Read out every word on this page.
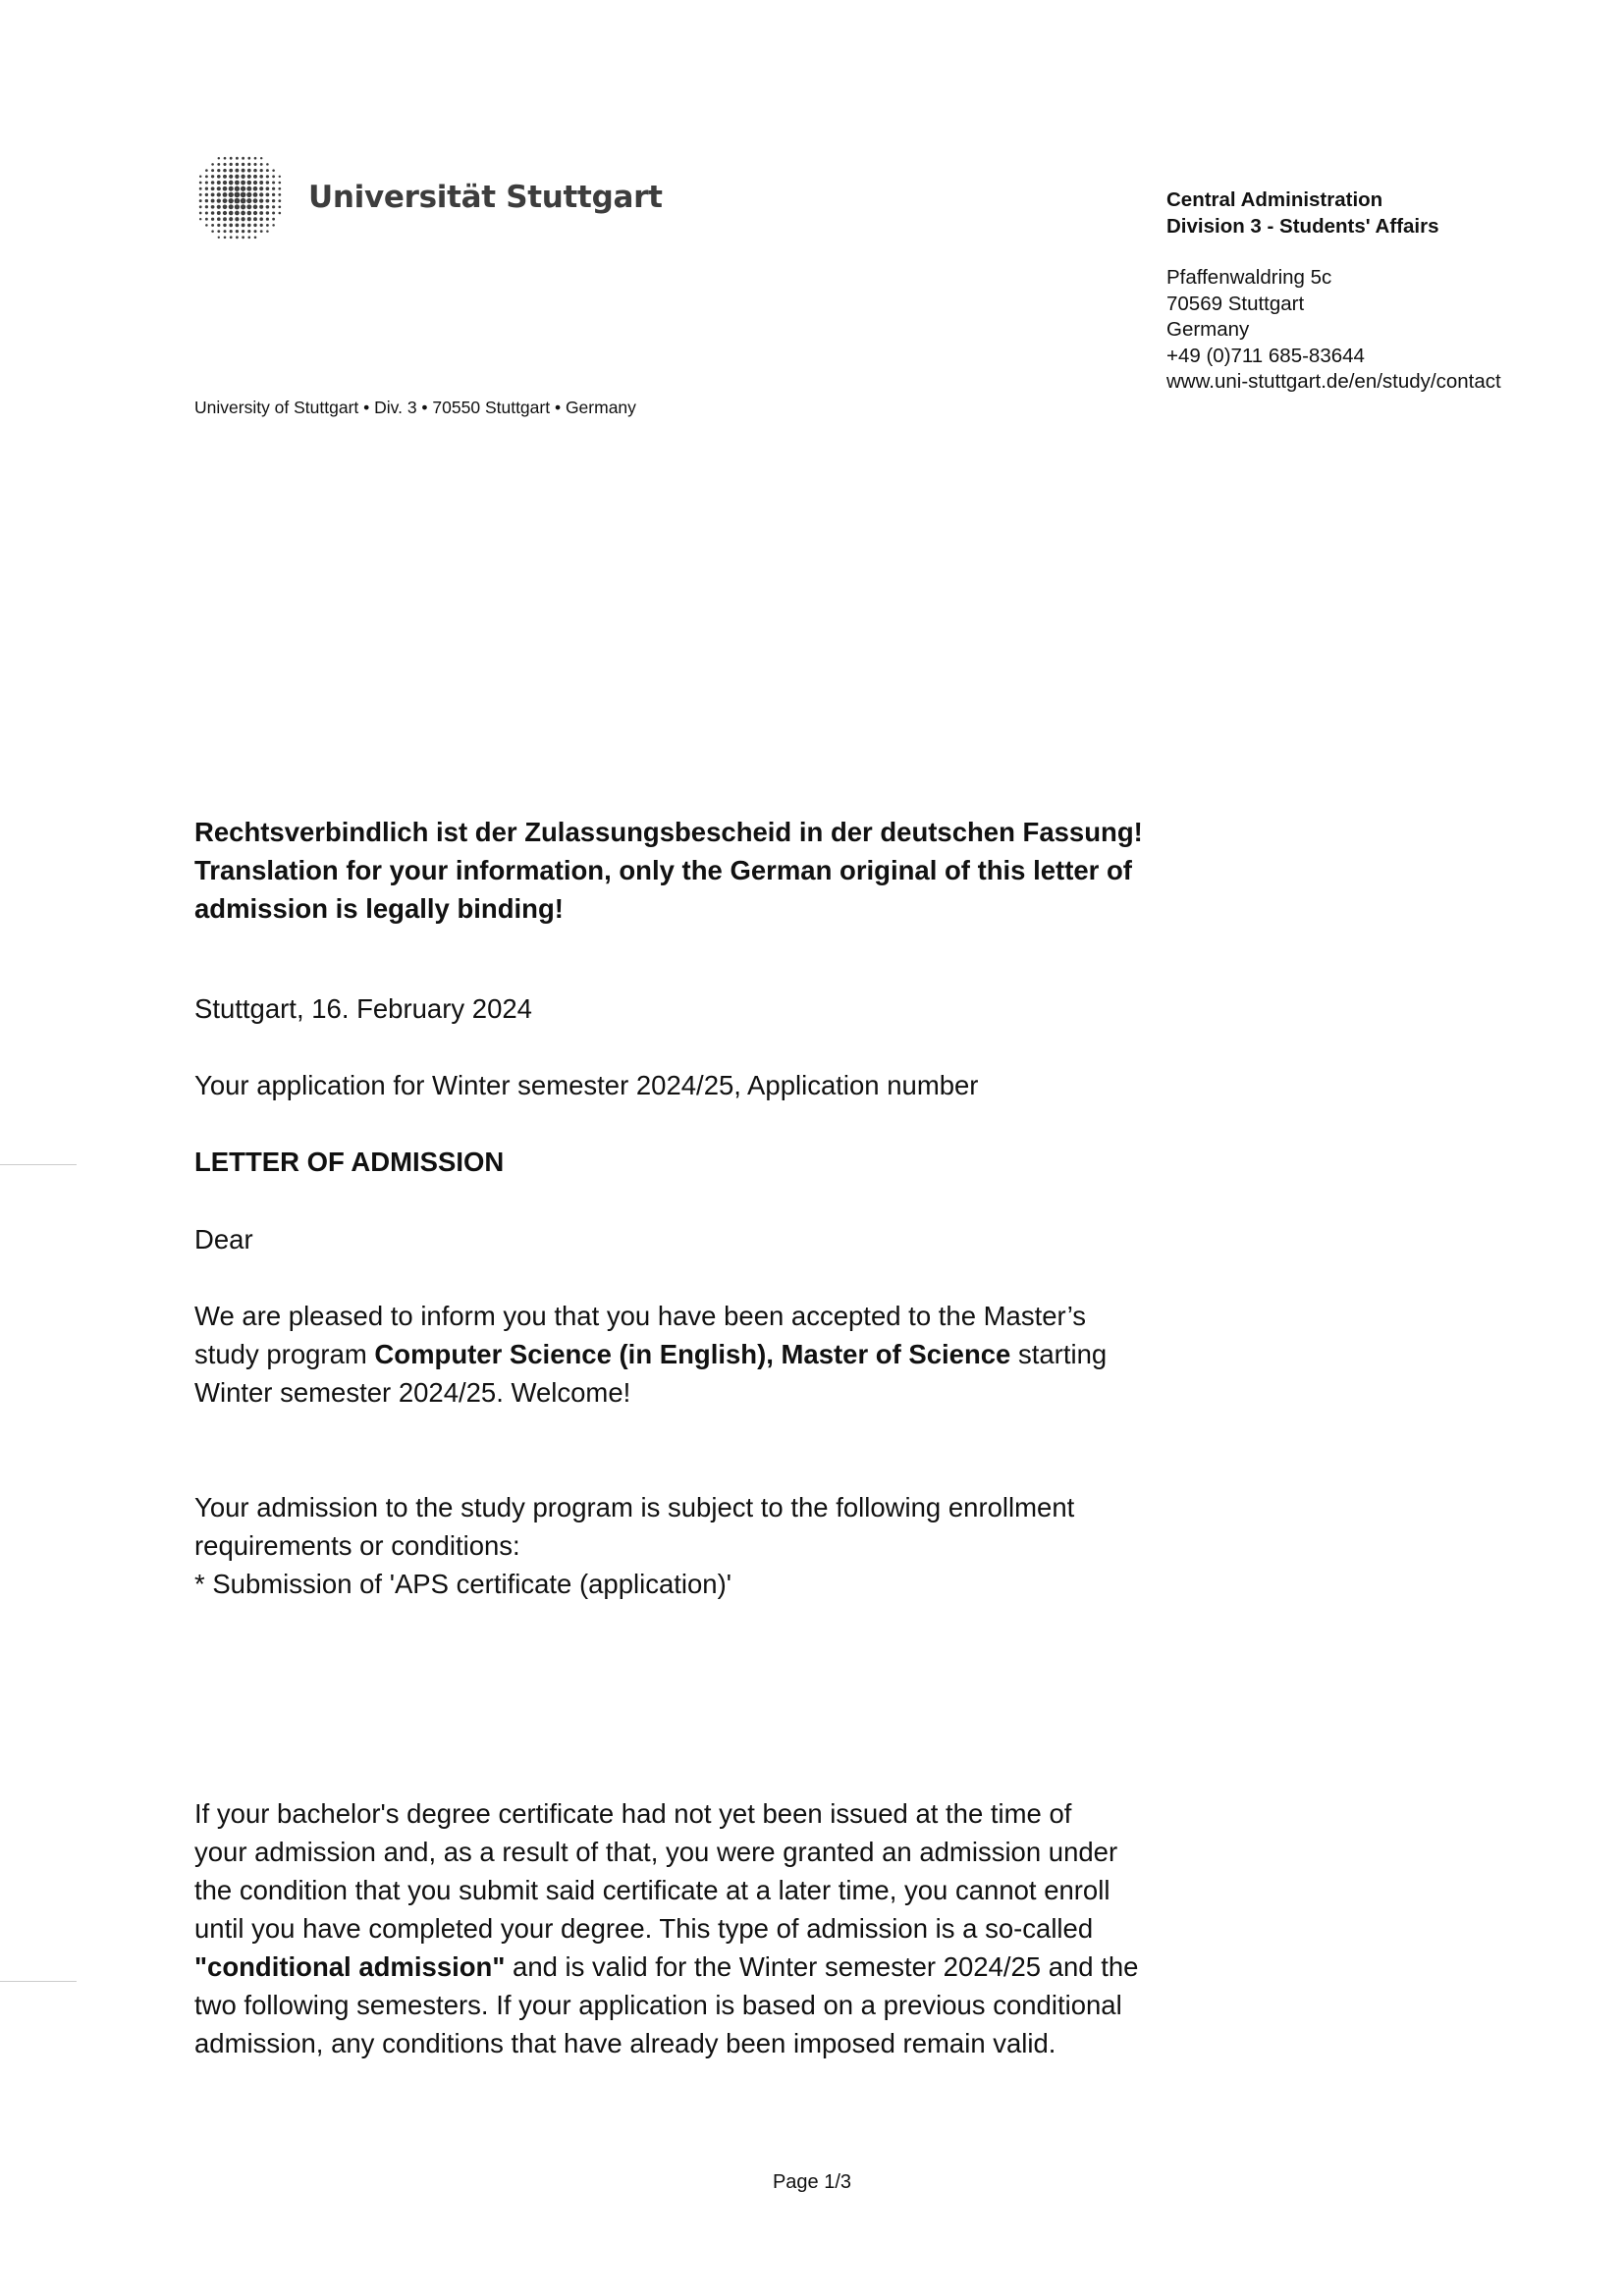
Universität Stuttgart	Central Administration
Division 3 - Students' Affairs
Pfaffenwaldring 5c
70569 Stuttgart
Germany
+49 (0)711 685-83644
www.uni-stuttgart.de/en/study/contact
University of Stuttgart • Div. 3 • 70550 Stuttgart • Germany
Rechtsverbindlich ist der Zulassungsbescheid in der deutschen Fassung!
Translation for your information, only the German original of this letter of
admission is legally binding!
Stuttgart, 16. February 2024
Your application for Winter semester 2024/25, Application number
LETTER OF ADMISSION
Dear
We are pleased to inform you that you have been accepted to the Master’s
study program Computer Science (in English), Master of Science starting
Winter semester 2024/25. Welcome!
Your admission to the study program is subject to the following enrollment
requirements or conditions:
* Submission of 'APS certificate (application)'
If your bachelor's degree certificate had not yet been issued at the time of
your admission and, as a result of that, you were granted an admission under
the condition that you submit said certificate at a later time, you cannot enroll
until you have completed your degree. This type of admission is a so-called
"conditional admission" and is valid for the Winter semester 2024/25 and the
two following semesters. If your application is based on a previous conditional
admission, any conditions that have already been imposed remain valid.
Page 1/3
